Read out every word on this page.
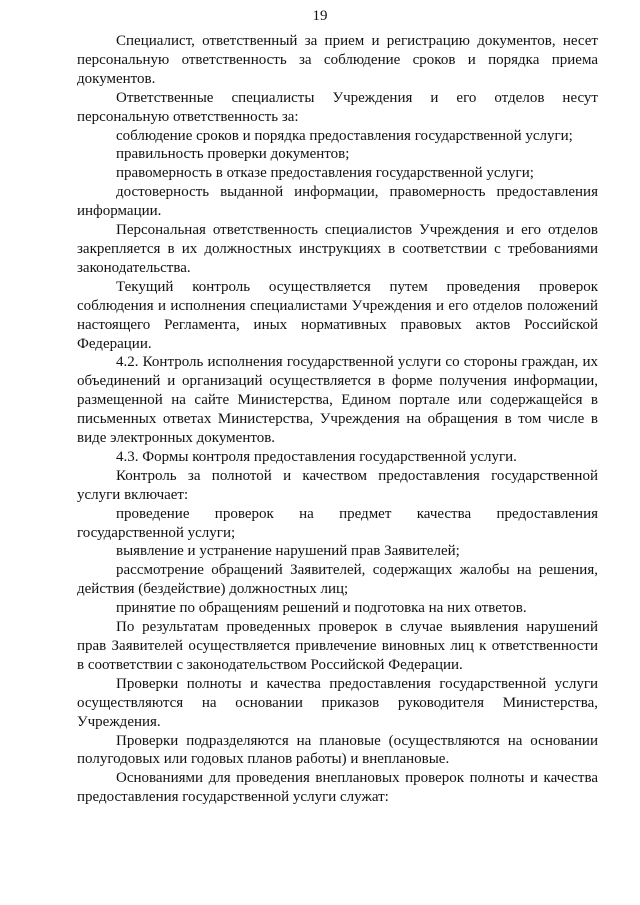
19

Специалист, ответственный за прием и регистрацию документов, несет персональную ответственность за соблюдение сроков и порядка приема документов.

Ответственные специалисты Учреждения и его отделов несут персональную ответственность за:

соблюдение сроков и порядка предоставления государственной услуги;

правильность проверки документов;

правомерность в отказе предоставления государственной услуги;

достоверность выданной информации, правомерность предоставления информации.

Персональная ответственность специалистов Учреждения и его отделов закрепляется в их должностных инструкциях в соответствии с требованиями законодательства.

Текущий контроль осуществляется путем проведения проверок соблюдения и исполнения специалистами Учреждения и его отделов положений настоящего Регламента, иных нормативных правовых актов Российской Федерации.

4.2. Контроль исполнения государственной услуги со стороны граждан, их объединений и организаций осуществляется в форме получения информации, размещенной на сайте Министерства, Едином портале или содержащейся в письменных ответах Министерства, Учреждения на обращения в том числе в виде электронных документов.

4.3. Формы контроля предоставления государственной услуги.

Контроль за полнотой и качеством предоставления государственной услуги включает:

проведение проверок на предмет качества предоставления государственной услуги;

выявление и устранение нарушений прав Заявителей;

рассмотрение обращений Заявителей, содержащих жалобы на решения, действия (бездействие) должностных лиц;

принятие по обращениям решений и подготовка на них ответов.

По результатам проведенных проверок в случае выявления нарушений прав Заявителей осуществляется привлечение виновных лиц к ответственности в соответствии с законодательством Российской Федерации.

Проверки полноты и качества предоставления государственной услуги осуществляются на основании приказов руководителя Министерства, Учреждения.

Проверки подразделяются на плановые (осуществляются на основании полугодовых или годовых планов работы) и внеплановые.

Основаниями для проведения внеплановых проверок полноты и качества предоставления государственной услуги служат:
